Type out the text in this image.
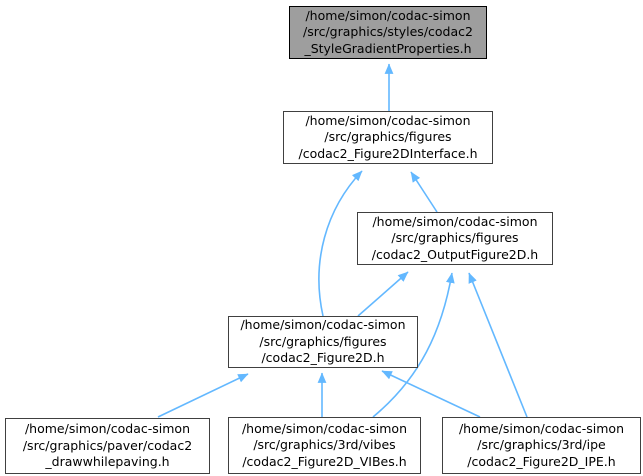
/home/simon/codac-simon
/src/graphics/styles/codac2
_StyleGradientProperties.h
/home/simon/codac-simon
/src/graphics/figures
/codac2_Figure2DInterface.h
/home/simon/codac-simon
/src/graphics/figures
/codac2_OutputFigure2D.h
/home/simon/codac-simon
/src/graphics/figures
/codac2_Figure2D.h
/home/simon/codac-simon
/src/graphics/paver/codac2
_drawwhilepaving.h
/home/simon/codac-simon
/src/graphics/3rd/vibes
/codac2_Figure2D_VIBes.h
/home/simon/codac-simon
/src/graphics/3rd/ipe
/codac2_Figure2D_IPE.h
